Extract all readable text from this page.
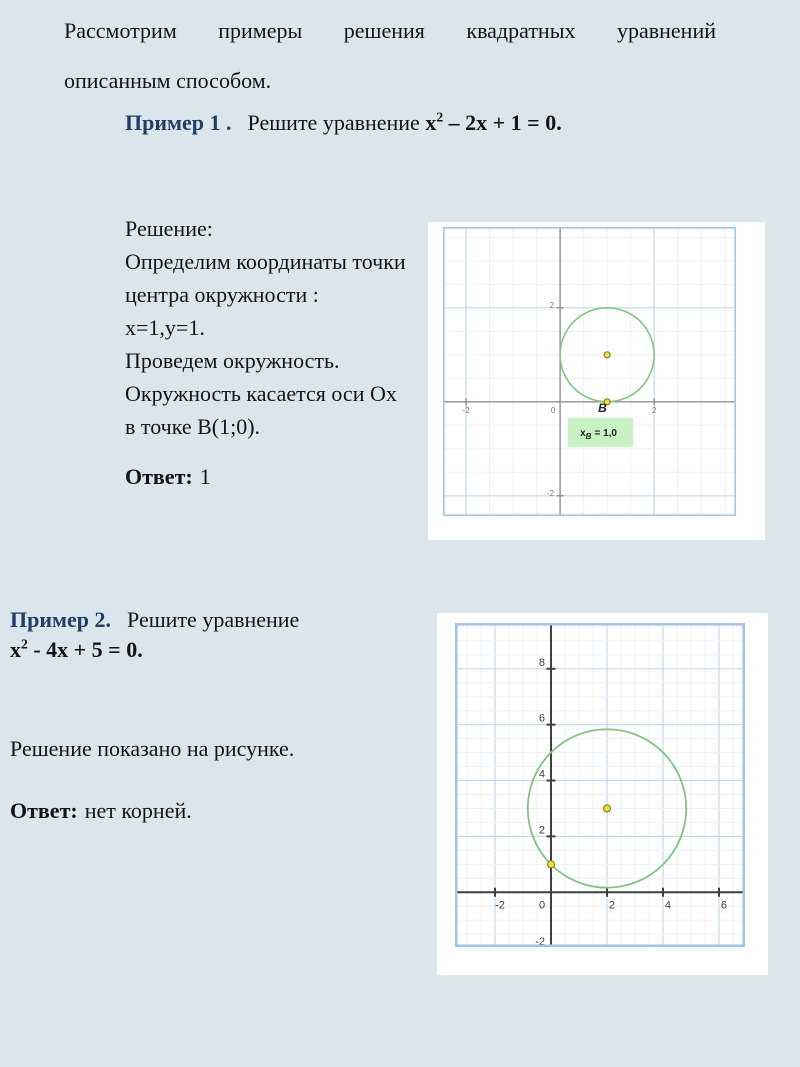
Рассмотрим примеры решения квадратных уравнений
описанным способом.
Пример 1 . Решите уравнение $x^2 - 2x + 1 = 0$.
Решение:
Определим координаты точки
центра окружности :
x=1,y=1.
Проведем окружность.
Окружность касается оси Ox
в точке B(1;0).
Ответ: 1
-2	0	2
-2
2
$x_B = 1,0$
B
Пример 2. Решите уравнение
$x^2 - 4x + 5 = 0$.
Решение показано на рисунке.
Ответ: нет корней.
-2	0	2	4	6
-2
2
4
6
8
